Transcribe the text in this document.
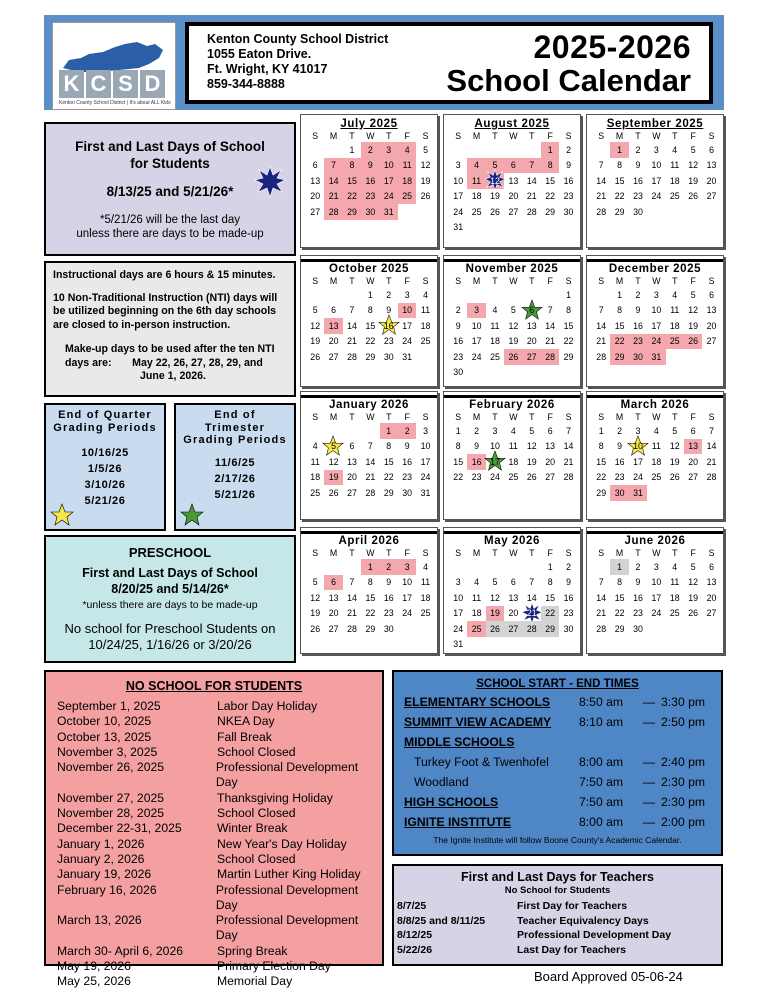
K C S D
Kenton County School District | It's about ALL Kids
Kenton County School District
1055 Eaton Drive.
Ft. Wright, KY 41017
859-344-8888
2025-2026
School Calendar
First and Last Days of School
for Students
8/13/25 and 5/21/26*
*5/21/26 will be the last day
unless there are days to be made-up
Instructional days are 6 hours & 15 minutes.
10 Non-Traditional Instruction (NTI) days will be utilized beginning on the 6th day schools are closed to in-person instruction.
Make-up days to be used after the ten NTI
days are: May 22, 26, 27, 28, 29, and
June 1, 2026.
End of Quarter
Grading Periods
10/16/25
1/5/26
3/10/26
5/21/26
End of
Trimester
Grading Periods
11/6/25
2/17/26
5/21/26
PRESCHOOL
First and Last Days of School
8/20/25 and 5/14/26*
*unless there are days to be made-up
No school for Preschool Students on
10/24/25, 1/16/26 or 3/20/26
July 2025
S	M	T	W	T	F	S
		1	2	3	4	5
6	7	8	9	10	11	12
13	14	15	16	17	18	19
20	21	22	23	24	25	26
27	28	29	30	31		
August 2025
S	M	T	W	T	F	S
					1	2
3	4	5	6	7	8	9
10	11	12	13	14	15	16
17	18	19	20	21	22	23
24	25	26	27	28	29	30
31						
September 2025
S	M	T	W	T	F	S
	1	2	3	4	5	6
7	8	9	10	11	12	13
14	15	16	17	18	19	20
21	22	23	24	25	26	27
28	29	30				
October 2025
S	M	T	W	T	F	S
			1	2	3	4
5	6	7	8	9	10	11
12	13	14	15	16	17	18
19	20	21	22	23	24	25
26	27	28	29	30	31	
November 2025
S	M	T	W	T	F	S
						1
2	3	4	5	6	7	8
9	10	11	12	13	14	15
16	17	18	19	20	21	22
23	24	25	26	27	28	29
30						
December 2025
S	M	T	W	T	F	S
	1	2	3	4	5	6
7	8	9	10	11	12	13
14	15	16	17	18	19	20
21	22	23	24	25	26	27
28	29	30	31			
January 2026
S	M	T	W	T	F	S
				1	2	3
4	5	6	7	8	9	10
11	12	13	14	15	16	17
18	19	20	21	22	23	24
25	26	27	28	29	30	31
February 2026
S	M	T	W	T	F	S
1	2	3	4	5	6	7
8	9	10	11	12	13	14
15	16	17	18	19	20	21
22	23	24	25	26	27	28
March 2026
S	M	T	W	T	F	S
1	2	3	4	5	6	7
8	9	10	11	12	13	14
15	16	17	18	19	20	21
22	23	24	25	26	27	28
29	30	31				
April 2026
S	M	T	W	T	F	S
			1	2	3	4
5	6	7	8	9	10	11
12	13	14	15	16	17	18
19	20	21	22	23	24	25
26	27	28	29	30		
May 2026
S	M	T	W	T	F	S
					1	2
3	4	5	6	7	8	9
10	11	12	13	14	15	16
17	18	19	20	21	22	23
24	25	26	27	28	29	30
31						
June 2026
S	M	T	W	T	F	S
	1	2	3	4	5	6
7	8	9	10	11	12	13
14	15	16	17	18	19	20
21	22	23	24	25	26	27
28	29	30				
NO SCHOOL FOR STUDENTS
September 1, 2025	Labor Day Holiday
October 10, 2025	NKEA Day
October 13, 2025	Fall Break
November 3, 2025	School Closed
November 26, 2025	Professional Development Day
November 27, 2025	Thanksgiving Holiday
November 28, 2025	School Closed
December 22-31, 2025	Winter Break
January 1, 2026	New Year's Day Holiday
January 2, 2026	School Closed
January 19, 2026	Martin Luther King Holiday
February 16, 2026	Professional Development Day
March 13, 2026	Professional Development Day
March 30- April 6, 2026	Spring Break
May 19, 2026	Primary Election Day
May 25, 2026	Memorial Day
SCHOOL START - END TIMES
ELEMENTARY SCHOOLS	8:50 am	— 3:30 pm
SUMMIT VIEW ACADEMY	8:10 am	— 2:50 pm
MIDDLE SCHOOLS
Turkey Foot & Twenhofel	8:00 am	— 2:40 pm
Woodland	7:50 am	— 2:30 pm
HIGH SCHOOLS	7:50 am	— 2:30 pm
IGNITE INSTITUTE	8:00 am	— 2:00 pm
The Ignite Institute will follow Boone County's Academic Calendar.
First and Last Days for Teachers
No School for Students
8/7/25	First Day for Teachers
8/8/25 and 8/11/25	Teacher Equivalency Days
8/12/25	Professional Development Day
5/22/26	Last Day for Teachers
Board Approved 05-06-24
